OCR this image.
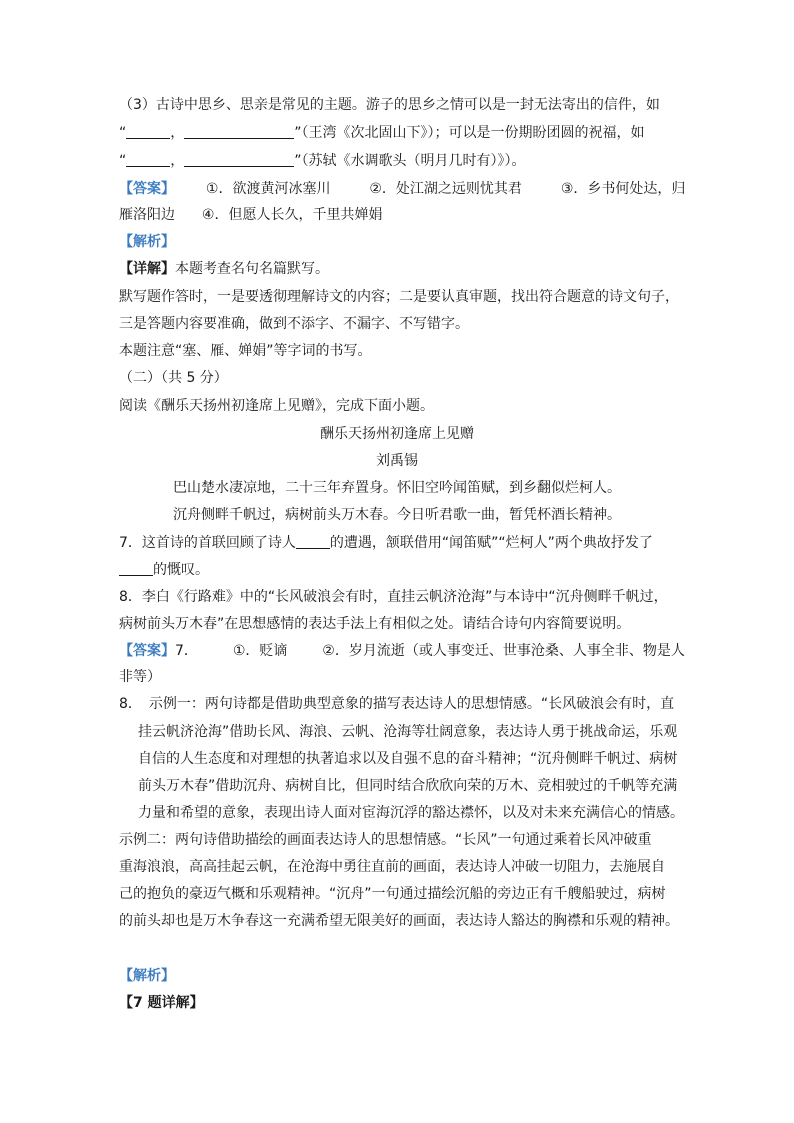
（3）古诗中思乡、思亲是常见的主题。游子的思乡之情可以是一封无法寄出的信件，如
“	，	”（王湾《次北固山下》）；可以是一份期盼团圆的祝福，如
“	，	”（苏轼《水调歌头（明月几时有）》）。
【答案】 ①．欲渡黄河冰塞川	②．处江湖之远则忧其君	③．乡书何处达，归
雁洛阳边 ④．但愿人长久，千里共婵娟
【解析】
【详解】本题考查名句名篇默写。
默写题作答时，一是要透彻理解诗文的内容；二是要认真审题，找出符合题意的诗文句子，
三是答题内容要准确，做到不添字、不漏字、不写错字。
本题注意“塞、雁、婵娟”等字词的书写。
（二）（共 5 分）
阅读《酬乐天扬州初逢席上见赠》，完成下面小题。
酬乐天扬州初逢席上见赠
刘禹锡
巴山楚水凄凉地，二十三年弃置身。怀旧空吟闻笛赋，到乡翻似烂柯人。
沉舟侧畔千帆过，病树前头万木春。今日听君歌一曲，暂凭杯酒长精神。
7．这首诗的首联回顾了诗人 的遭遇，颔联借用“闻笛赋”“烂柯人”两个典故抒发了
的慨叹。
8．李白《行路难》中的“长风破浪会有时，直挂云帆济沧海”与本诗中“沉舟侧畔千帆过，
病树前头万木春”在思想感情的表达手法上有相似之处。请结合诗句内容简要说明。
【答案】7． ①．贬谪 ②．岁月流逝（或人事变迁、世事沧桑、人事全非、物是人
非等）
8．　示例一：两句诗都是借助典型意象的描写表达诗人的思想情感。“长风破浪会有时，直
挂云帆济沧海”借助长风、海浪、云帆、沧海等壮阔意象，表达诗人勇于挑战命运，乐观
自信的人生态度和对理想的执著追求以及自强不息的奋斗精神；“沉舟侧畔千帆过、病树
前头万木春”借助沉舟、病树自比，但同时结合欣欣向荣的万木、竞相驶过的千帆等充满
力量和希望的意象，表现出诗人面对宦海沉浮的豁达襟怀，以及对未来充满信心的情感。
示例二：两句诗借助描绘的画面表达诗人的思想情感。“长风”一句通过乘着长风冲破重
重海浪浪，高高挂起云帆，在沧海中勇往直前的画面，表达诗人冲破一切阻力，去施展自
己的抱负的豪迈气概和乐观精神。“沉舟”一句通过描绘沉船的旁边正有千艘船驶过，病树
的前头却也是万木争春这一充满希望无限美好的画面，表达诗人豁达的胸襟和乐观的精神。
【解析】
【7 题详解】
